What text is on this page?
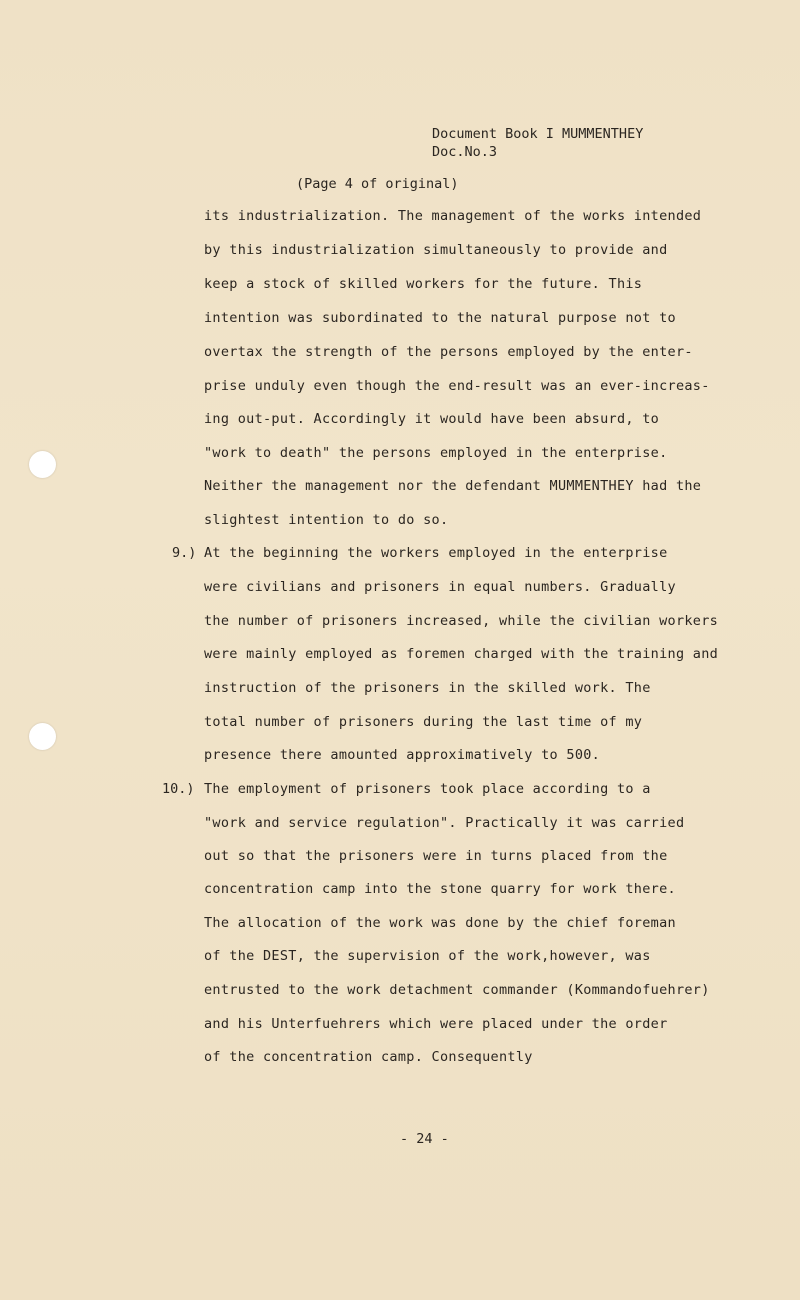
Document Book I MUMMENTHEY
Doc.No.3
(Page 4 of original)
its industrialization. The management of the works intended
by this industrialization simultaneously to provide and
keep a stock of skilled workers for the future. This
intention was subordinated to the natural purpose not to
overtax the strength of the persons employed by the enter-
prise unduly even though the end-result was an ever-increas-
ing out-put. Accordingly it would have been absurd, to
"work to death" the persons employed in the enterprise.
Neither the management nor the defendant MUMMENTHEY had the
slightest intention to do so.
9.) At the beginning the workers employed in the enterprise
were civilians and prisoners in equal numbers. Gradually
the number of prisoners increased, while the civilian workers
were mainly employed as foremen charged with the training and
instruction of the prisoners in the skilled work. The
total number of prisoners during the last time of my
presence there amounted approximatively to 500.
10.) The employment of prisoners took place according to a
"work and service regulation". Practically it was carried
out so that the prisoners were in turns placed from the
concentration camp into the stone quarry for work there.
The allocation of the work was done by the chief foreman
of the DEST, the supervision of the work,however, was
entrusted to the work detachment commander (Kommandofuehrer)
and his Unterfuehrers which were placed under the order
of the concentration camp. Consequently
- 24 -
